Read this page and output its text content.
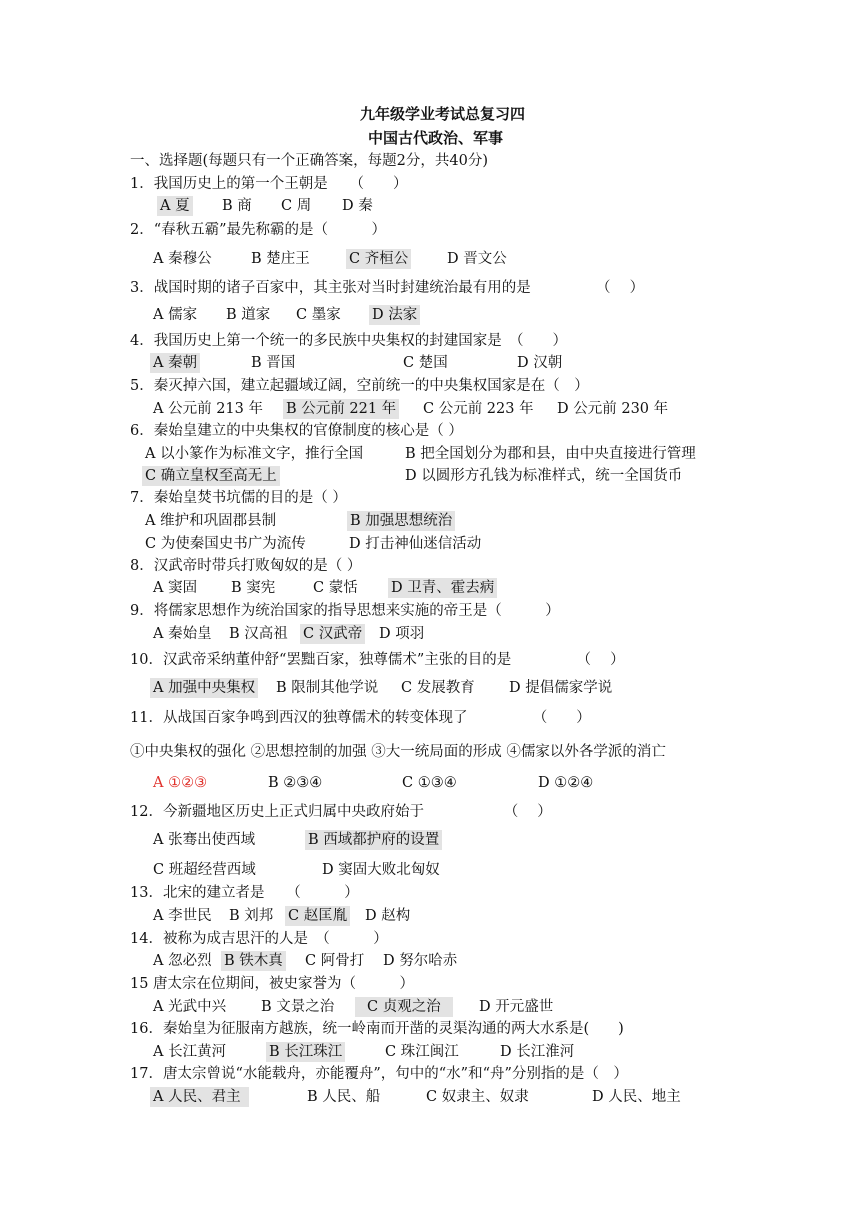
九年级学业考试总复习四
中国古代政治、军事
一、选择题(每题只有一个正确答案，每题2分，共40分)
1．我国历史上的第一个王朝是　　（　　）
A 夏 B 商 C 周 D 秦
2．“春秋五霸”最先称霸的是（　　　）
A 秦穆公	B 楚庄王	C 齐桓公	D 晋文公
3．战国时期的诸子百家中，其主张对当时封建统治最有用的是　　　　　（　 ）
A 儒家 B 道家 C 墨家 D 法家
4．我国历史上第一个统一的多民族中央集权的封建国家是　（　　）
A 秦朝	B 晋国	C 楚国	D 汉朝
5．秦灭掉六国，建立起疆域辽阔，空前统一的中央集权国家是在（　）
A 公元前 213 年 B 公元前 221 年 C 公元前 223 年 D 公元前 230 年
6．秦始皇建立的中央集权的官僚制度的核心是（ ）
A 以小篆作为标准文字，推行全国	B 把全国划分为郡和县，由中央直接进行管理
C 确立皇权至高无上	D 以圆形方孔钱为标准样式，统一全国货币
7．秦始皇焚书坑儒的目的是（ ）
A 维护和巩固郡县制	B 加强思想统治
C 为使秦国史书广为流传	D 打击神仙迷信活动
8．汉武帝时带兵打败匈奴的是（ ）
A 窦固 B 窦宪	C 蒙恬 D 卫青、霍去病
9．将儒家思想作为统治国家的指导思想来实施的帝王是（　　　）
A 秦始皇 B 汉高祖 C 汉武帝 D 项羽
10．汉武帝采纳董仲舒“罢黜百家，独尊儒术”主张的目的是　　　　　（　 ）
A 加强中央集权 B 限制其他学说 C 发展教育 D 提倡儒家学说
11．从战国百家争鸣到西汉的独尊儒术的转变体现了　　　　　（　　）
①中央集权的强化 ②思想控制的加强 ③大一统局面的形成 ④儒家以外各学派的消亡
A ①②③	B ②③④	C ①③④	D ①②④
12．今新疆地区历史上正式归属中央政府始于　　　　　　（　 ）
A 张骞出使西域	B 西域都护府的设置
C 班超经营西域	D 窦固大败北匈奴
13．北宋的建立者是　　（　　　）
A 李世民 B 刘邦 C 赵匡胤 D 赵构
14．被称为成吉思汗的人是　（　　　）
A 忽必烈 B 铁木真 C 阿骨打 D 努尔哈赤
15 唐太宗在位期间，被史家誉为（　　　）
A 光武中兴 B 文景之治	C 贞观之治	D 开元盛世
16．秦始皇为征服南方越族，统一岭南而开凿的灵渠沟通的两大水系是(　　)
A 长江黄河	B 长江珠江	C 珠江闽江	D 长江淮河
17．唐太宗曾说“水能载舟，亦能覆舟”，句中的“水”和“舟”分别指的是（　）
A 人民、君主	B 人民、船	C 奴隶主、奴隶	D 人民、地主
